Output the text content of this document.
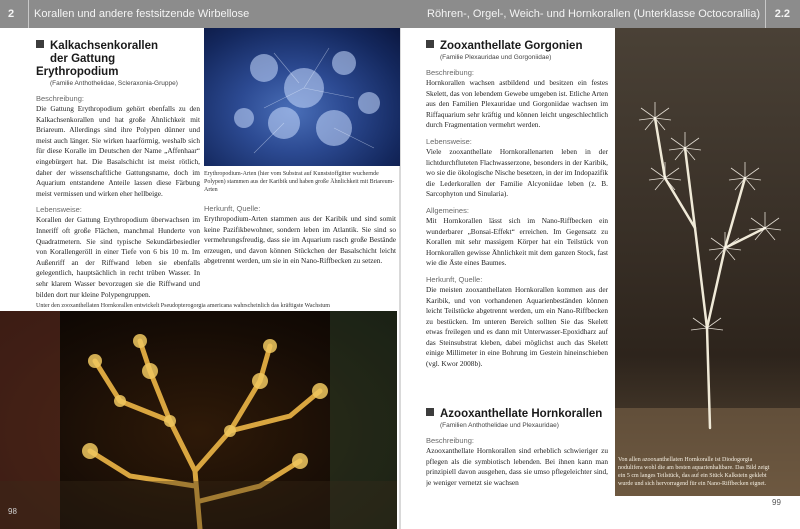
2	Korallen und andere festsitzende Wirbellose	Röhren-, Orgel-, Weich- und Hornkorallen (Unterklasse Octocorallia) 2.2
Kalkachsenkorallen
der Gattung Erythropodium
(Familie Anthothelidae, Scleraxonia-Gruppe)
Beschreibung:
Die Gattung Erythropodium gehört ebenfalls zu den Kalkachsenkorallen und hat große Ähnlichkeit mit Briareum. Allerdings sind ihre Polypen dünner und meist auch länger. Sie wirken haarförmig, weshalb sich für diese Koralle im Deutschen der Name „Affenhaar“ eingebürgert hat. Die Basalschicht ist meist rötlich, daher der wissenschaftliche Gattungsname, doch im Aquarium entstandene Anteile lassen diese Färbung meist vermissen und wirken eher hellbeige.
Lebensweise:
Korallen der Gattung Erythropodium überwachsen im Inneriff oft große Flächen, manchmal Hunderte von Quadratmetern. Sie sind typische Sekundärbesiedler von Korallengeröll in einer Tiefe von 6 bis 10 m. Im Außenriff an der Riffwand leben sie ebenfalls gelegentlich, hauptsächlich in recht trüben Wasser. In sehr klarem Wasser bevorzugen sie die Riffwand und bilden dort nur kleine Polypengruppen.
Erythropodium-Arten (hier vom Substrat auf Kunststoffgitter wuchernde Polypen) stammen aus der Karibik und haben große Ähnlichkeit mit Briareum-Arten
Herkunft, Quelle:
Erythropodium-Arten stammen aus der Karibik und sind somit keine Pazifikbewohner, sondern leben im Atlantik. Sie sind so vermehrungsfreudig, dass sie im Aquarium rasch große Bestände erzeugen, und davon können Stückchen der Basalschicht leicht abgetrennt werden, um sie in ein Nano-Riffbecken zu setzen.
Unter den zooxanthellaten Hornkorallen entwickelt Pseudopterogorgia americana wahrscheinlich das kräftigste Wachstum
98
Zooxanthellate Gorgonien
(Familie Plexauridae und Gorgoniidae)
Beschreibung:
Hornkorallen wachsen astbildend und besitzen ein festes Skelett, das von lebendem Gewebe umgeben ist. Etliche Arten aus den Familien Plexauridae und Gorgoniidae wachsen im Riffaquarium sehr kräftig und können leicht ungeschlechtlich durch Fragmentation vermehrt werden.
Lebensweise:
Viele zooxanthellate Hornkorallenarten leben in der lichtdurchfluteten Flachwasserzone, besonders in der Karibik, wo sie die ökologische Nische besetzen, in der im Indopazifik die Lederkorallen der Familie Alcyoniidae leben (z. B. Sarcophyton und Sinularia).
Allgemeines:
Mit Hornkorallen lässt sich im Nano-Riffbecken ein wunderbarer „Bonsai-Effekt“ erreichen. Im Gegensatz zu Korallen mit sehr massigem Körper hat ein Teilstück von Hornkorallen gewisse Ähnlichkeit mit dem ganzen Stock, fast wie die Äste eines Baumes.
Herkunft, Quelle:
Die meisten zooxanthellaten Hornkorallen kommen aus der Karibik, und von vorhandenen Aquarienbeständen können leicht Teilstücke abgetrennt werden, um ein Nano-Riffbecken zu bestücken. Im unteren Bereich sollten Sie das Skelett etwas freilegen und es dann mit Unterwasser-Epoxidharz auf das Steinsubstrat kleben, dabei möglichst auch das Skelett einige Millimeter in eine Bohrung im Gestein hineinschieben (vgl. Kwor 2008b).
Azooxanthellate Hornkorallen
(Familien Anthothelidae und Plexauridae)
Beschreibung:
Azooxanthellate Hornkorallen sind erheblich schwieriger zu pflegen als die symbiotisch lebenden. Bei ihnen kann man prinzipiell davon ausgehen, dass sie umso pflegeleichter sind, je weniger vernetzt sie wachsen
Von allen azooxanthellaten Hornkoralle ist Diodogorgia nodulifera wohl die am besten aquarienhaltbare. Das Bild zeigt ein 5 cm langes Teilstück, das auf ein Stück Kalkstein geklebt wurde und sich hervorragend für ein Nano-Riffbecken eignet.
99
